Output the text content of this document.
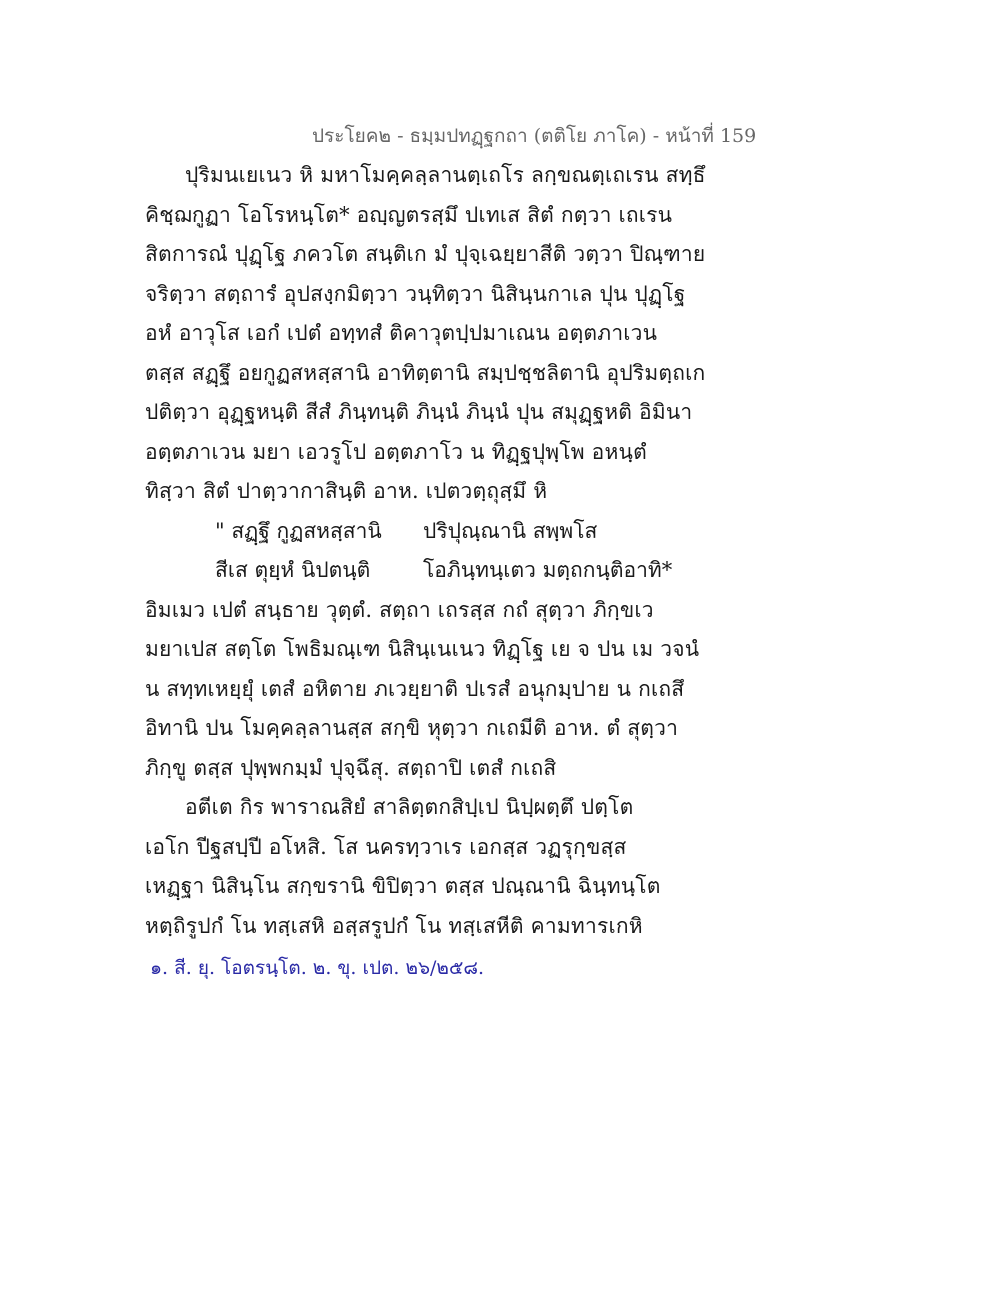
ประโยค๒ - ธมฺมปทฏฺฐกถา (ตติโย ภาโค) - หน้าที่ 159
ปุริมนเยเนว หิ มหาโมคฺคลฺลานตฺเถโร ลกฺขณตฺเถเรน สทฺธึ
คิชฺฌกูฏา โอโรหนฺโต* อญฺญตรสฺมึ ปเทเส สิตํ กตฺวา เถเรน
สิตการณํ ปุฏฺโฐ ภควโต สนฺติเก มํ ปุจฺเฉยฺยาสีติ วตฺวา ปิณฺฑาย
จริตฺวา สตฺถารํ อุปสงฺกมิตฺวา วนฺทิตฺวา นิสินฺนกาเล ปุน ปุฏฺโฐ
อหํ อาวุโส เอกํ เปตํ อทฺทสํ ติคาวุตปฺปมาเณน อตฺตภาเวน
ตสฺส สฏฺฐึ อยกูฏสหสฺสานิ อาทิตฺตานิ สมฺปชฺชลิตานิ อุปริมตฺถเก
ปติตฺวา อุฏฺฐหนฺติ สีสํ ภินฺทนฺติ ภินฺนํ ภินฺนํ ปุน สมุฏฺฐหติ อิมินา
อตฺตภาเวน มยา เอวรูโป อตฺตภาโว น ทิฏฺฐปุพฺโพ อหนฺตํ
ทิสฺวา สิตํ ปาตฺวากาสินฺติ อาห. เปตวตฺถุสฺมึ หิ
" สฏฺฐึ กูฏสหสฺสานิ ปริปุณฺณานิ สพฺพโส
สีเส ตุยฺหํ นิปตนฺติ	โอภินฺทนฺเตว มตฺถกนฺติอาทิ*
อิมเมว เปตํ สนฺธาย วุตฺตํ. สตฺถา เถรสฺส กถํ สุตฺวา ภิกฺขเว
มยาเปส สตฺโต โพธิมณฺเฑ นิสินฺเนเนว ทิฏฺโฐ เย จ ปน เม วจนํ
น สทฺทเหยฺยุํ เตสํ อหิตาย ภเวยฺยาติ ปเรสํ อนุกมฺปาย น กเถสึ
อิทานิ ปน โมคฺคลฺลานสฺส สกฺขิ หุตฺวา กเถมีติ อาห. ตํ สุตฺวา
ภิกฺขู ตสฺส ปุพฺพกมฺมํ ปุจฺฉึสุ. สตฺถาปิ เตสํ กเถสิ
อตีเต กิร พาราณสิยํ สาลิตฺตกสิปฺเป นิปฺผตฺตึ ปตฺโต
เอโก ปีฐสปฺปี อโหสิ. โส นครทฺวาเร เอกสฺส วฏรุกฺขสฺส
เหฏฺฐา นิสินฺโน สกฺขรานิ ขิปิตฺวา ตสฺส ปณฺณานิ ฉินฺทนฺโต
หตฺถิรูปกํ โน ทสฺเสหิ อสฺสรูปกํ โน ทสฺเสหีติ คามทารเกหิ
๑. สี. ยุ. โอตรนฺโต. ๒. ขุ. เปต. ๒๖/๒๕๘.
